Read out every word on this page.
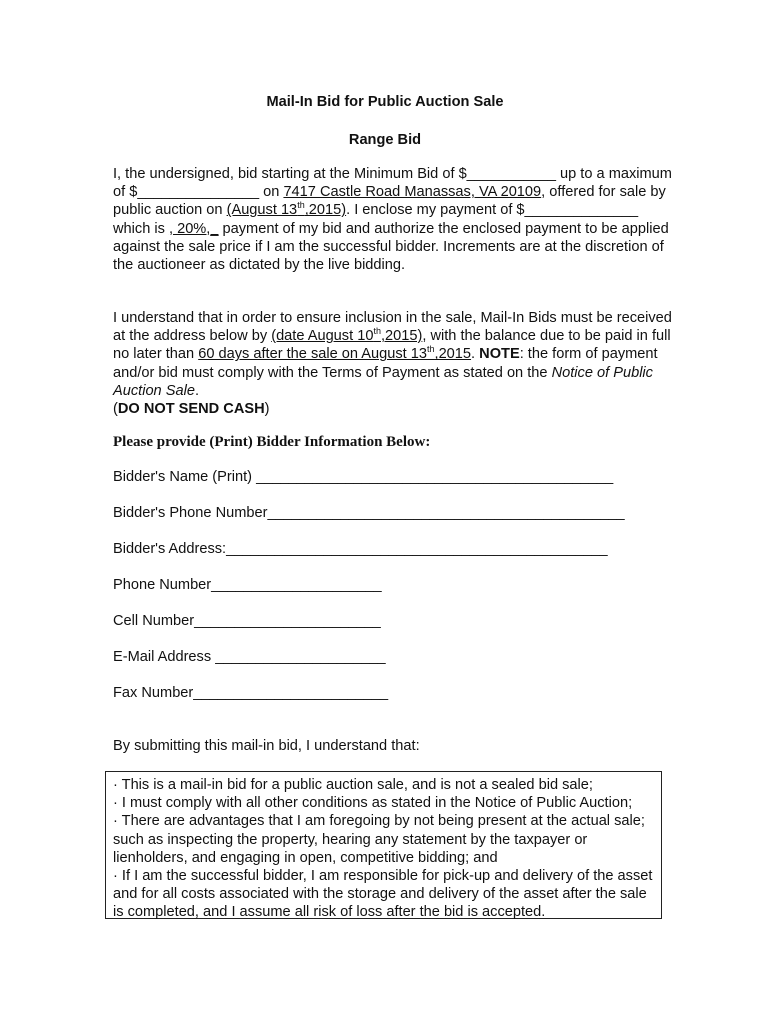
Mail-In Bid for Public Auction Sale
Range Bid
I, the undersigned, bid starting at the Minimum Bid of $___________ up to a maximum of $_______________ on 7417 Castle Road Manassas, VA 20109, offered for sale by public auction on (August 13th,2015). I enclose my payment of $______________ which is , 20%,_ payment of my bid and authorize the enclosed payment to be applied against the sale price if I am the successful bidder. Increments are at the discretion of the auctioneer as dictated by the live bidding.
I understand that in order to ensure inclusion in the sale, Mail-In Bids must be received at the address below by (date August 10th,2015), with the balance due to be paid in full no later than 60 days after the sale on August 13th,2015. NOTE: the form of payment and/or bid must comply with the Terms of Payment as stated on the Notice of Public Auction Sale.
(DO NOT SEND CASH)
Please provide (Print) Bidder Information Below:
Bidder's Name (Print) ____________________________________________
Bidder's Phone Number____________________________________________
Bidder's Address:_______________________________________________
Phone Number_____________________
Cell Number_______________________
E-Mail Address _____________________
Fax Number________________________
By submitting this mail-in bid, I understand that:

· This is a mail-in bid for a public auction sale, and is not a sealed bid sale;

· I must comply with all other conditions as stated in the Notice of Public Auction;

· There are advantages that I am foregoing by not being present at the actual sale; such as inspecting the property, hearing any statement by the taxpayer or lienholders, and engaging in open, competitive bidding; and

· If I am the successful bidder, I am responsible for pick-up and delivery of the asset and for all costs associated with the storage and delivery of the asset after the sale is completed, and I assume all risk of loss after the bid is accepted.
